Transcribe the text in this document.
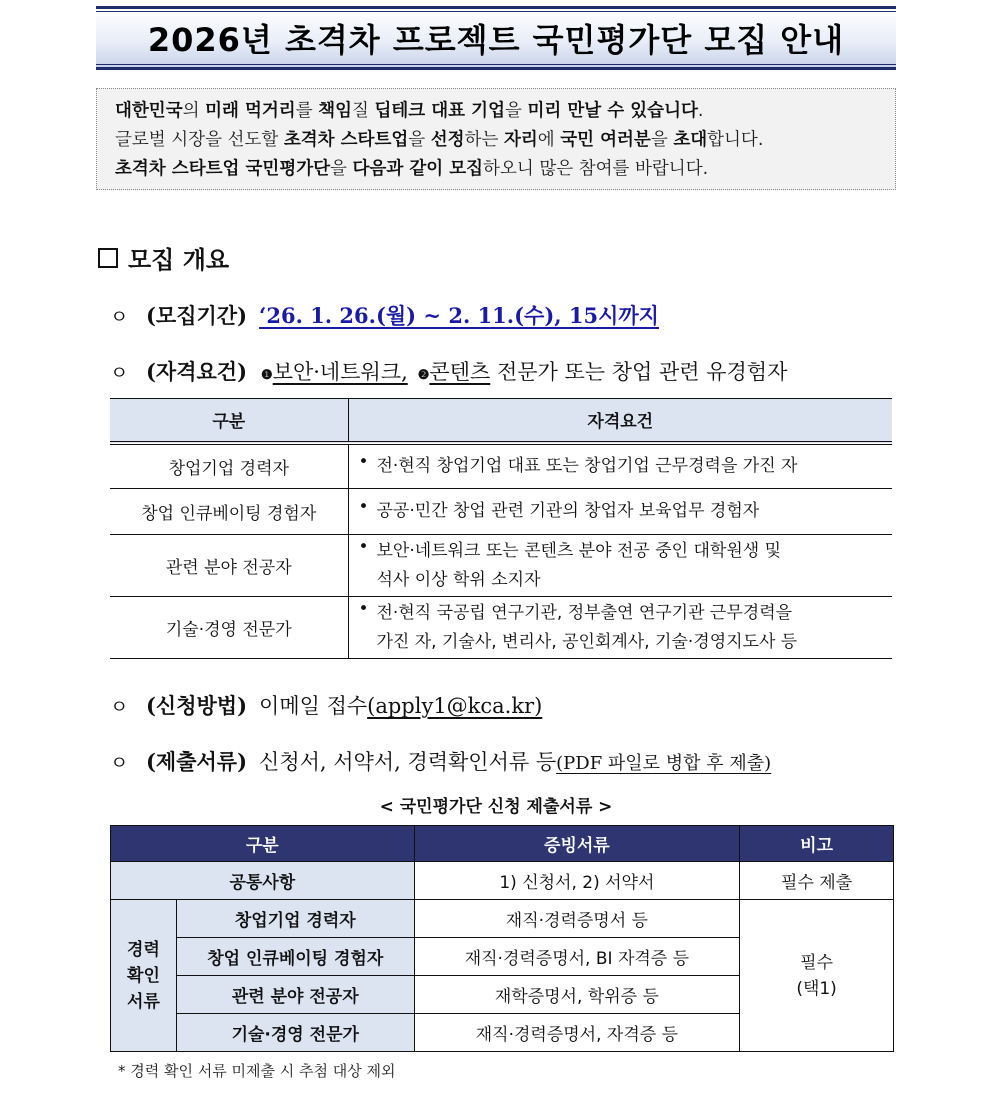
2026년 초격차 프로젝트 국민평가단 모집 안내
대한민국의 미래 먹거리를 책임질 딥테크 대표 기업을 미리 만날 수 있습니다.
글로벌 시장을 선도할 초격차 스타트업을 선정하는 자리에 국민 여러분을 초대합니다.
초격차 스타트업 국민평가단을 다음과 같이 모집하오니 많은 참여를 바랍니다.
모집 개요
ㅇ (모집기간) ‘26. 1. 26.(월) ~ 2. 11.(수), 15시까지
ㅇ (자격요건) ❶ 보안·네트워크, ❷ 콘텐츠 전문가 또는 창업 관련 유경험자
구분	자격요건
창업기업 경력자	• 전·현직 창업기업 대표 또는 창업기업 근무경력을 가진 자

창업 인큐베이팅 경험자	• 공공·민간 창업 관련 기관의 창업자 보육업무 경험자

관련 분야 전공자	• 보안·네트워크 또는 콘텐츠 분야 전공 중인 대학원생 및
석사 이상 학위 소지자

기술·경영 전문가	• 전·현직 국공립 연구기관, 정부출연 연구기관 근무경력을
가진 자, 기술사, 변리사, 공인회계사, 기술·경영지도사 등
ㅇ (신청방법) 이메일 접수 (apply1@kca.kr)
ㅇ (제출서류) 신청서, 서약서, 경력확인서류 등 (PDF 파일로 병합 후 제출)
< 국민평가단 신청 제출서류 >
구분		증빙서류	비고
공통사항		1) 신청서, 2) 서약서	필수 제출
경력
확인
서류	창업기업 경력자	재직·경력증명서 등	필수
(택1)
	창업 인큐베이팅 경험자	재직·경력증명서, BI 자격증 등	
	관련 분야 전공자	재학증명서, 학위증 등	
	기술·경영 전문가	재직·경력증명서, 자격증 등	
* 경력 확인 서류 미제출 시 추첨 대상 제외
